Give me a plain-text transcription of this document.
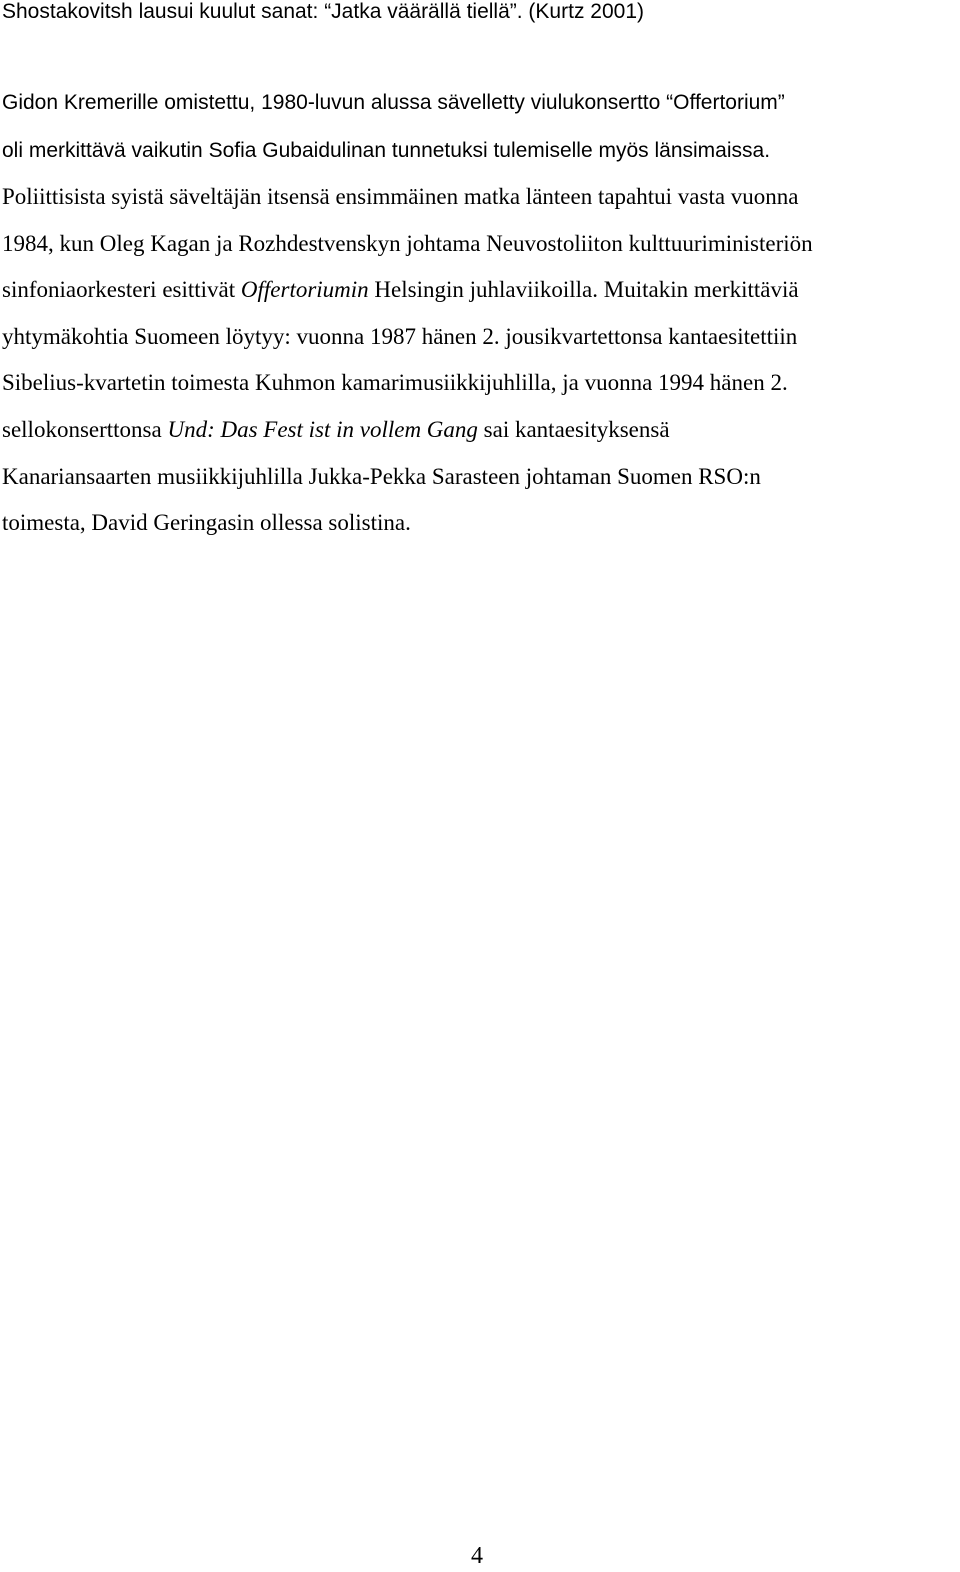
Shostakovitsh lausui kuulut sanat: “Jatka väärällä tiellä”. (Kurtz 2001)
Gidon Kremerille omistettu, 1980-luvun alussa sävelletty viulukonsertto “Offertorium”
oli merkittävä vaikutin Sofia Gubaidulinan tunnetuksi tulemiselle myös länsimaissa.
Poliittisista syistä säveltäjän itsensä ensimmäinen matka länteen tapahtui vasta vuonna
1984, kun Oleg Kagan ja Rozhdestvenskyn johtama Neuvostoliiton kulttuuriministeriön
sinfoniaorkesteri esittivät Offertoriumin Helsingin juhlaviikoilla. Muitakin merkittäviä
yhtymäkohtia Suomeen löytyy: vuonna 1987 hänen 2. jousikvartettonsa kantaesitettiin
Sibelius-kvartetin toimesta Kuhmon kamarimusiikkijuhlilla, ja vuonna 1994 hänen 2.
sellokonserttonsa Und: Das Fest ist in vollem Gang sai kantaesityksensä
Kanariansaarten musiikkijuhlilla Jukka-Pekka Sarasteen johtaman Suomen RSO:n
toimesta, David Geringasin ollessa solistina.
4
